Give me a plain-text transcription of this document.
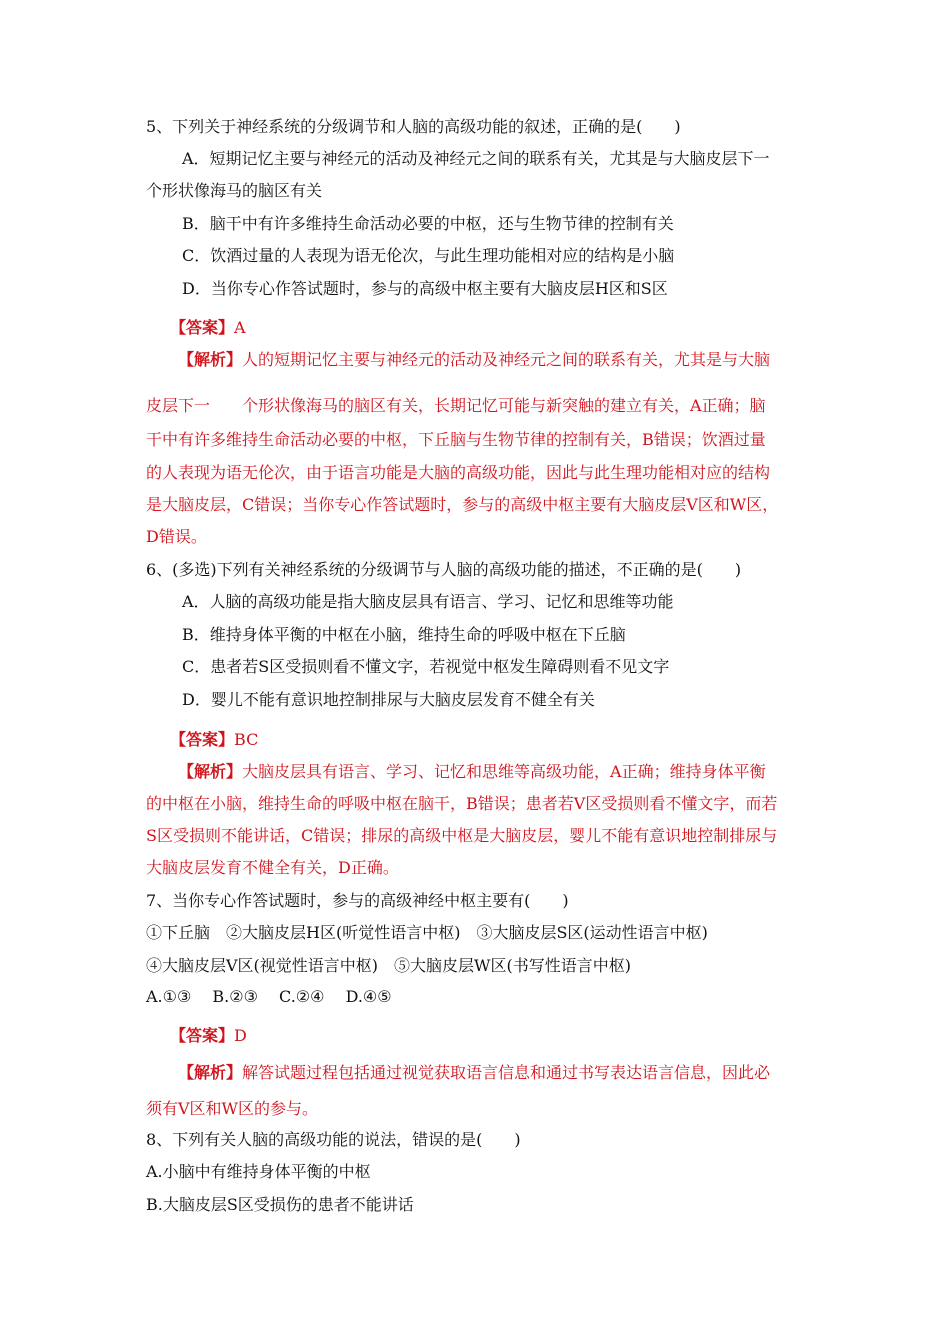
5、下列关于神经系统的分级调节和人脑的高级功能的叙述，正确的是(　　)
A．短期记忆主要与神经元的活动及神经元之间的联系有关，尤其是与大脑皮层下一
个形状像海马的脑区有关
B．脑干中有许多维持生命活动必要的中枢，还与生物节律的控制有关
C．饮酒过量的人表现为语无伦次，与此生理功能相对应的结构是小脑
D．当你专心作答试题时，参与的高级中枢主要有大脑皮层H区和S区
【答案】A
【解析】人的短期记忆主要与神经元的活动及神经元之间的联系有关，尤其是与大脑
皮层下一　　个形状像海马的脑区有关，长期记忆可能与新突触的建立有关，A正确；脑
干中有许多维持生命活动必要的中枢，下丘脑与生物节律的控制有关，B错误；饮酒过量
的人表现为语无伦次，由于语言功能是大脑的高级功能，因此与此生理功能相对应的结构
是大脑皮层，C错误；当你专心作答试题时，参与的高级中枢主要有大脑皮层V区和W区，
D错误。
6、(多选)下列有关神经系统的分级调节与人脑的高级功能的描述，不正确的是(　　)
A．人脑的高级功能是指大脑皮层具有语言、学习、记忆和思维等功能
B．维持身体平衡的中枢在小脑，维持生命的呼吸中枢在下丘脑
C．患者若S区受损则看不懂文字，若视觉中枢发生障碍则看不见文字
D．婴儿不能有意识地控制排尿与大脑皮层发育不健全有关
【答案】BC
【解析】大脑皮层具有语言、学习、记忆和思维等高级功能，A正确；维持身体平衡
的中枢在小脑，维持生命的呼吸中枢在脑干，B错误；患者若V区受损则看不懂文字，而若
S区受损则不能讲话，C错误；排尿的高级中枢是大脑皮层，婴儿不能有意识地控制排尿与
大脑皮层发育不健全有关，D正确。
7、当你专心作答试题时，参与的高级神经中枢主要有(　　)
①下丘脑　②大脑皮层H区(听觉性语言中枢)　③大脑皮层S区(运动性语言中枢)
④大脑皮层V区(视觉性语言中枢)　⑤大脑皮层W区(书写性语言中枢)
A.①③　 B.②③　 C.②④　 D.④⑤
【答案】D
【解析】解答试题过程包括通过视觉获取语言信息和通过书写表达语言信息，因此必
须有V区和W区的参与。
8、下列有关人脑的高级功能的说法，错误的是(　　)
A.小脑中有维持身体平衡的中枢
B.大脑皮层S区受损伤的患者不能讲话
